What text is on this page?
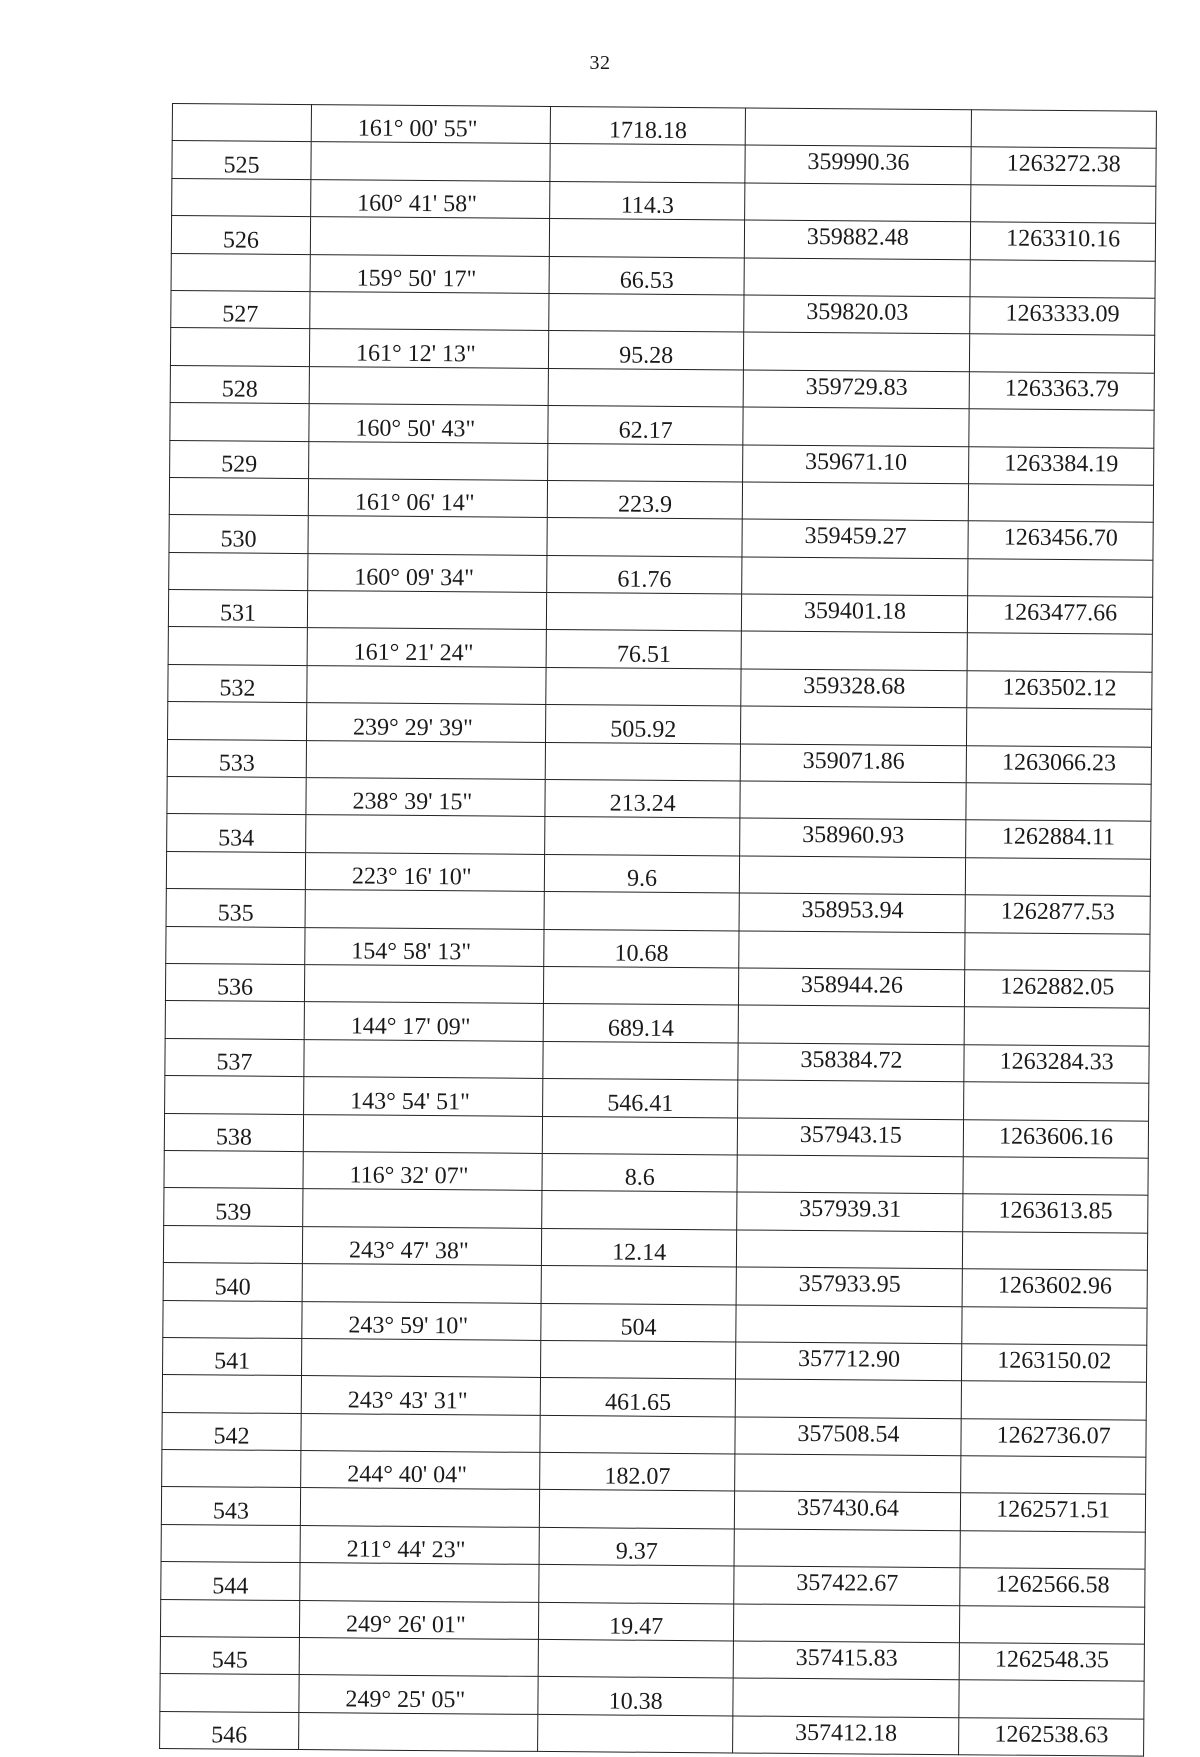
32
	161° 00' 55"	1718.18		
525			359990.36	1263272.38
	160° 41' 58"	114.3		
526			359882.48	1263310.16
	159° 50' 17"	66.53		
527			359820.03	1263333.09
	161° 12' 13"	95.28		
528			359729.83	1263363.79
	160° 50' 43"	62.17		
529			359671.10	1263384.19
	161° 06' 14"	223.9		
530			359459.27	1263456.70
	160° 09' 34"	61.76		
531			359401.18	1263477.66
	161° 21' 24"	76.51		
532			359328.68	1263502.12
	239° 29' 39"	505.92		
533			359071.86	1263066.23
	238° 39' 15"	213.24		
534			358960.93	1262884.11
	223° 16' 10"	9.6		
535			358953.94	1262877.53
	154° 58' 13"	10.68		
536			358944.26	1262882.05
	144° 17' 09"	689.14		
537			358384.72	1263284.33
	143° 54' 51"	546.41		
538			357943.15	1263606.16
	116° 32' 07"	8.6		
539			357939.31	1263613.85
	243° 47' 38"	12.14		
540			357933.95	1263602.96
	243° 59' 10"	504		
541			357712.90	1263150.02
	243° 43' 31"	461.65		
542			357508.54	1262736.07
	244° 40' 04"	182.07		
543			357430.64	1262571.51
	211° 44' 23"	9.37		
544			357422.67	1262566.58
	249° 26' 01"	19.47		
545			357415.83	1262548.35
	249° 25' 05"	10.38		
546			357412.18	1262538.63
